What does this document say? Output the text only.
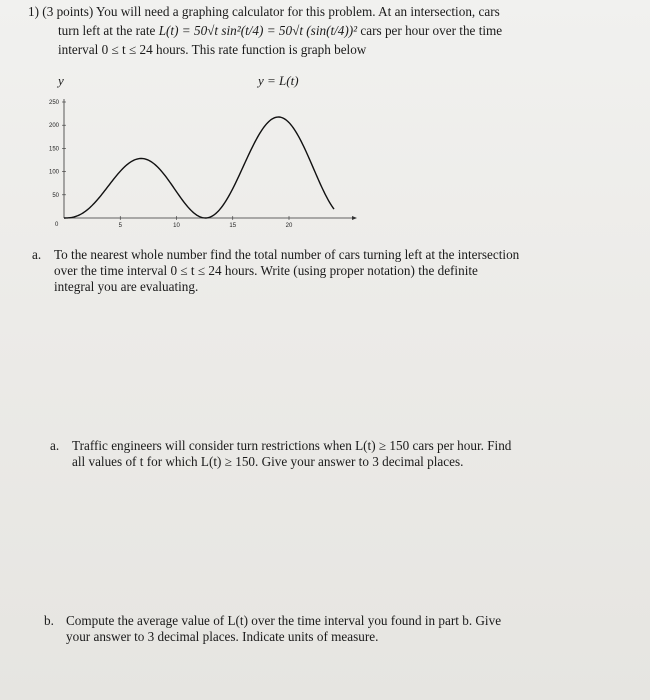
1) (3 points) You will need a graphing calculator for this problem. At an intersection, cars
turn left at the rate L(t) = 50√t sin²(t/4) = 50√t (sin(t/4))² cars per hour over the time
interval 0 ≤ t ≤ 24 hours. This rate function is graph below
y	y = L(t)
50
100
150
200
250
5	10	15	20
0
a. To the nearest whole number find the total number of cars turning left at the intersection
over the time interval 0 ≤ t ≤ 24 hours. Write (using proper notation) the definite
integral you are evaluating.
a. Traffic engineers will consider turn restrictions when L(t) ≥ 150 cars per hour. Find
all values of t for which L(t) ≥ 150. Give your answer to 3 decimal places.
b. Compute the average value of L(t) over the time interval you found in part b. Give
your answer to 3 decimal places. Indicate units of measure.
